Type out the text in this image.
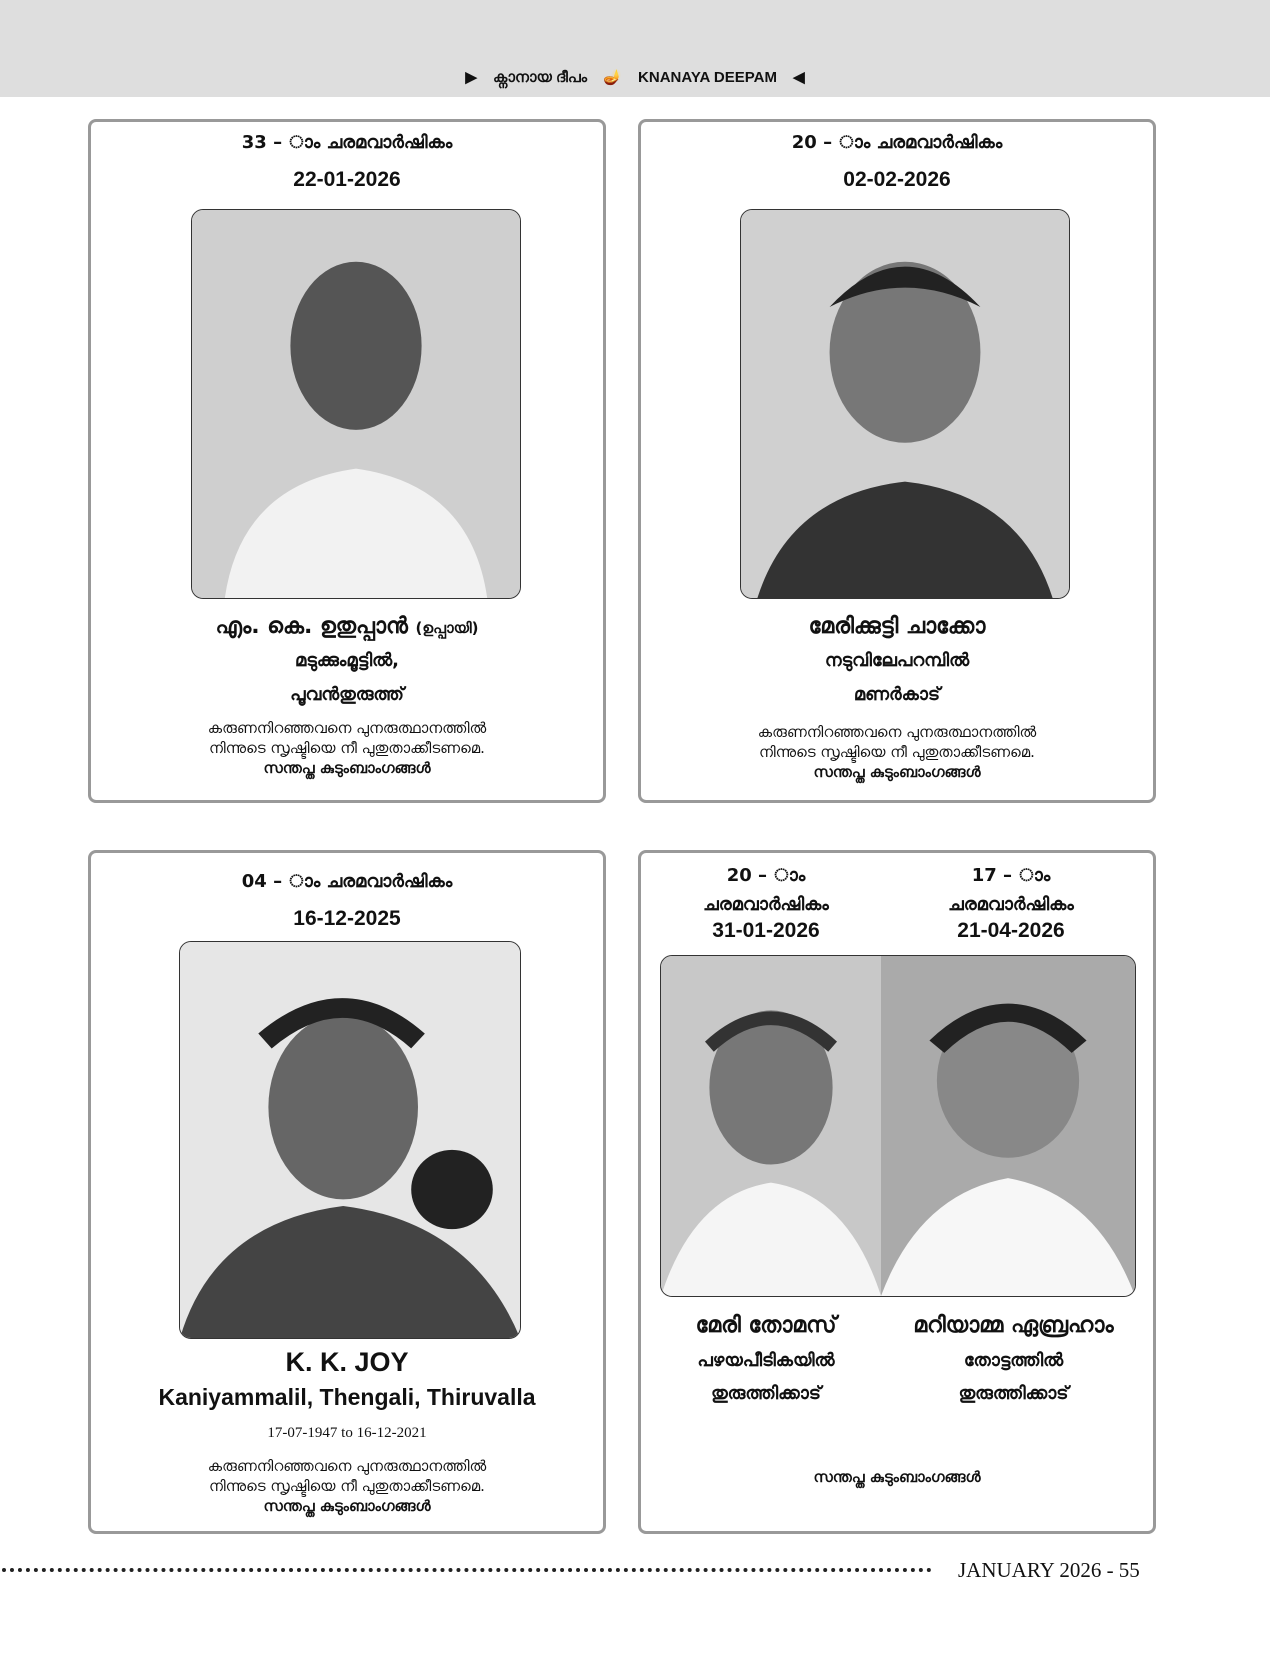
▶ ക്നാനായ ദീപം 🪔 KNANAYA DEEPAM ◀
33 – ാം ചരമവാർഷികം
22-01-2026
എം. കെ. ഉതുപ്പാൻ (ഉപ്പായി)
മടുക്കുംമൂട്ടിൽ,
പൂവൻതുരുത്ത്
കരുണനിറഞ്ഞവനെ പുനരുത്ഥാനത്തിൽ
നിന്നുടെ സൃഷ്ടിയെ നീ പുതുതാക്കീടണമെ.
സന്തപ്ത കുടുംബാംഗങ്ങൾ
20 – ാം ചരമവാർഷികം
02-02-2026
മേരിക്കുട്ടി ചാക്കോ
നടുവിലേപറമ്പിൽ
മണർകാട്
കരുണനിറഞ്ഞവനെ പുനരുത്ഥാനത്തിൽ
നിന്നുടെ സൃഷ്ടിയെ നീ പുതുതാക്കീടണമെ.
സന്തപ്ത കുടുംബാംഗങ്ങൾ
04 – ാം ചരമവാർഷികം
16-12-2025
K. K. JOY
Kaniyammalil, Thengali, Thiruvalla
17-07-1947 to 16-12-2021
കരുണനിറഞ്ഞവനെ പുനരുത്ഥാനത്തിൽ
നിന്നുടെ സൃഷ്ടിയെ നീ പുതുതാക്കീടണമെ.
സന്തപ്ത കുടുംബാംഗങ്ങൾ
20 – ാം
ചരമവാർഷികം
31-01-2026
17 – ാം
ചരമവാർഷികം
21-04-2026
മേരി തോമസ്
പഴയപീടികയിൽ
തുരുത്തിക്കാട്
മറിയാമ്മ ഏബ്രഹാം
തോട്ടത്തിൽ
തുരുത്തിക്കാട്
സന്തപ്ത കുടുംബാംഗങ്ങൾ
JANUARY 2026 - 55
